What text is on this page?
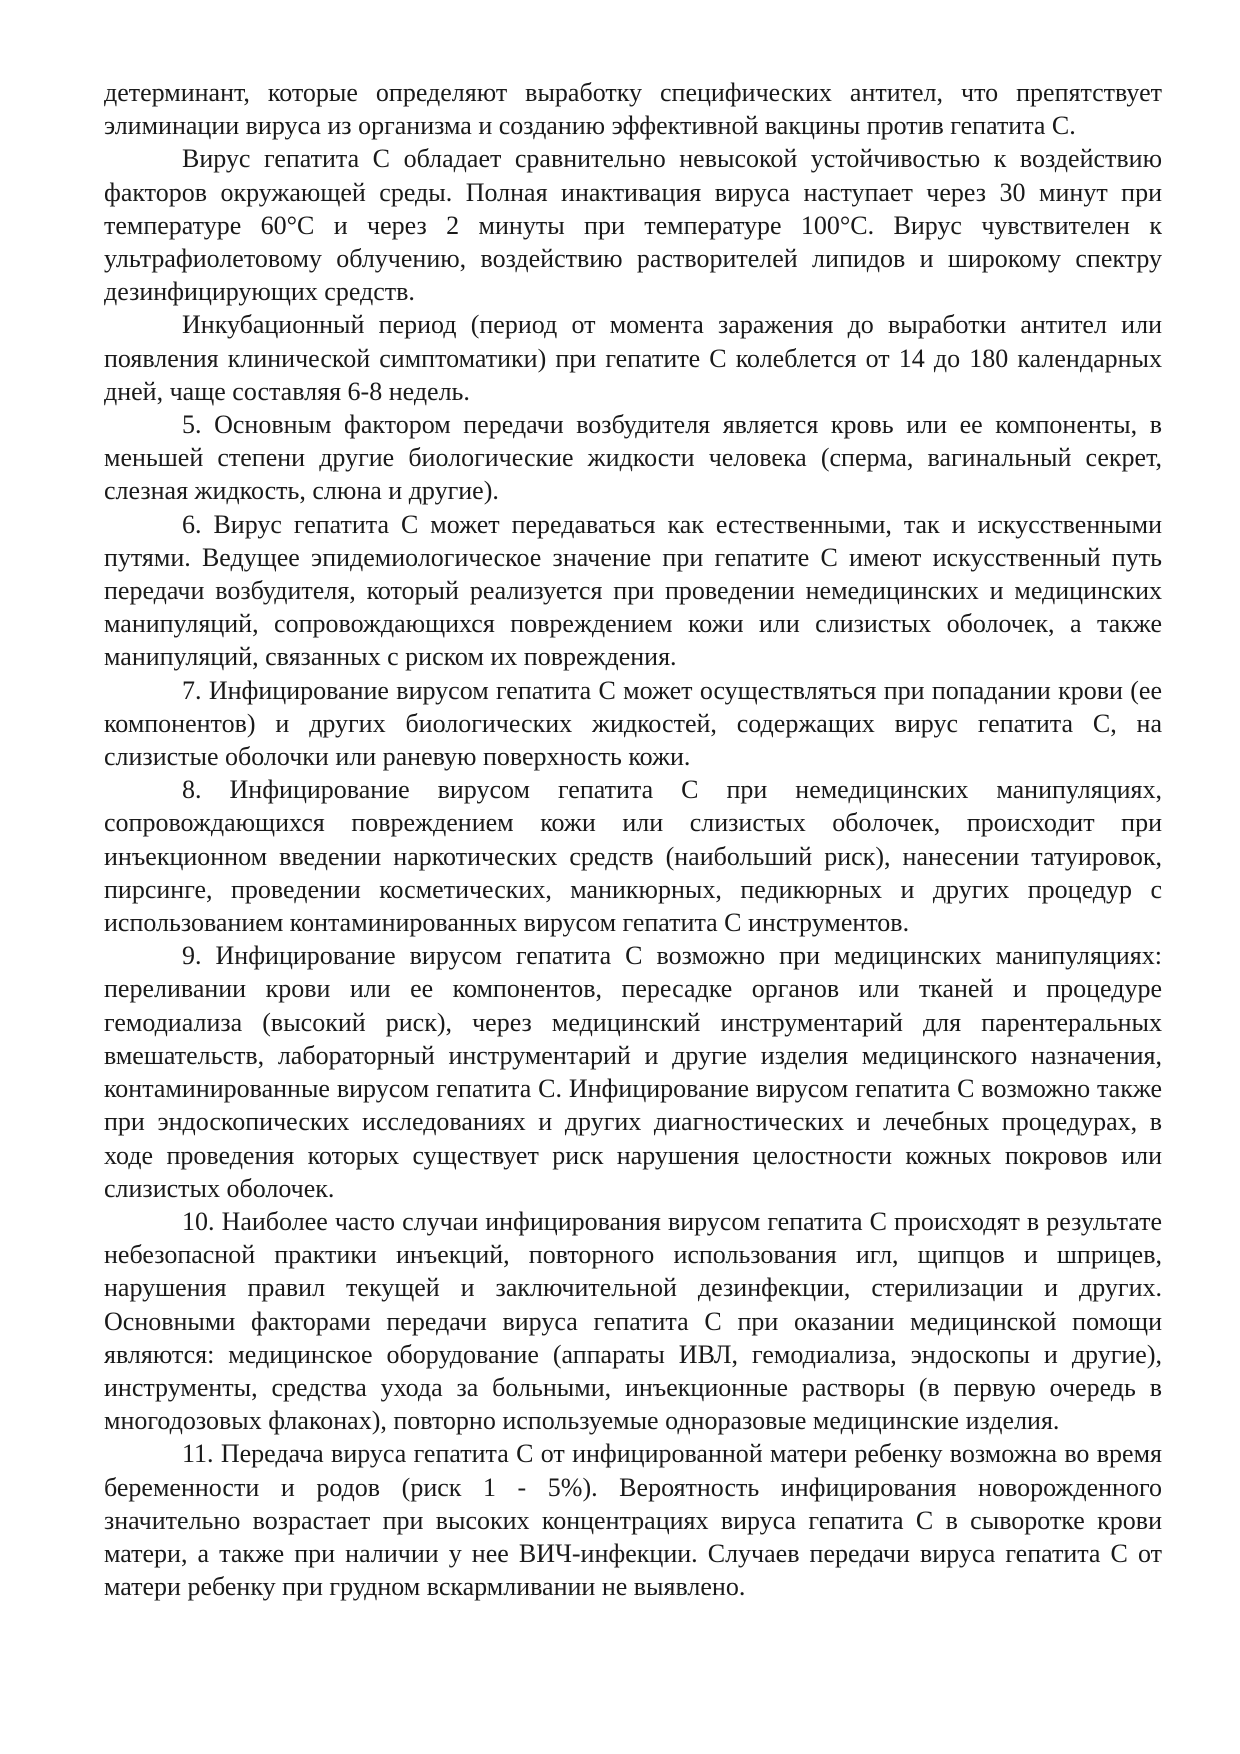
детерминант, которые определяют выработку специфических антител, что препятствует элиминации вируса из организма и созданию эффективной вакцины против гепатита С.

Вирус гепатита С обладает сравнительно невысокой устойчивостью к воздействию факторов окружающей среды. Полная инактивация вируса наступает через 30 минут при температуре 60°С и через 2 минуты при температуре 100°С. Вирус чувствителен к ультрафиолетовому облучению, воздействию растворителей липидов и широкому спектру дезинфицирующих средств.

Инкубационный период (период от момента заражения до выработки антител или появления клинической симптоматики) при гепатите С колеблется от 14 до 180 календарных дней, чаще составляя 6-8 недель.

5. Основным фактором передачи возбудителя является кровь или ее компоненты, в меньшей степени другие биологические жидкости человека (сперма, вагинальный секрет, слезная жидкость, слюна и другие).

6. Вирус гепатита С может передаваться как естественными, так и искусственными путями. Ведущее эпидемиологическое значение при гепатите С имеют искусственный путь передачи возбудителя, который реализуется при проведении немедицинских и медицинских манипуляций, сопровождающихся повреждением кожи или слизистых оболочек, а также манипуляций, связанных с риском их повреждения.

7. Инфицирование вирусом гепатита С может осуществляться при попадании крови (ее компонентов) и других биологических жидкостей, содержащих вирус гепатита С, на слизистые оболочки или раневую поверхность кожи.

8. Инфицирование вирусом гепатита С при немедицинских манипуляциях, сопровождающихся повреждением кожи или слизистых оболочек, происходит при инъекционном введении наркотических средств (наибольший риск), нанесении татуировок, пирсинге, проведении косметических, маникюрных, педикюрных и других процедур с использованием контаминированных вирусом гепатита С инструментов.

9. Инфицирование вирусом гепатита С возможно при медицинских манипуляциях: переливании крови или ее компонентов, пересадке органов или тканей и процедуре гемодиализа (высокий риск), через медицинский инструментарий для парентеральных вмешательств, лабораторный инструментарий и другие изделия медицинского назначения, контаминированные вирусом гепатита С. Инфицирование вирусом гепатита С возможно также при эндоскопических исследованиях и других диагностических и лечебных процедурах, в ходе проведения которых существует риск нарушения целостности кожных покровов или слизистых оболочек.

10. Наиболее часто случаи инфицирования вирусом гепатита С происходят в результате небезопасной практики инъекций, повторного использования игл, щипцов и шприцев, нарушения правил текущей и заключительной дезинфекции, стерилизации и других. Основными факторами передачи вируса гепатита С при оказании медицинской помощи являются: медицинское оборудование (аппараты ИВЛ, гемодиализа, эндоскопы и другие), инструменты, средства ухода за больными, инъекционные растворы (в первую очередь в многодозовых флаконах), повторно используемые одноразовые медицинские изделия.

11. Передача вируса гепатита С от инфицированной матери ребенку возможна во время беременности и родов (риск 1 - 5%). Вероятность инфицирования новорожденного значительно возрастает при высоких концентрациях вируса гепатита С в сыворотке крови матери, а также при наличии у нее ВИЧ-инфекции. Случаев передачи вируса гепатита С от матери ребенку при грудном вскармливании не выявлено.
